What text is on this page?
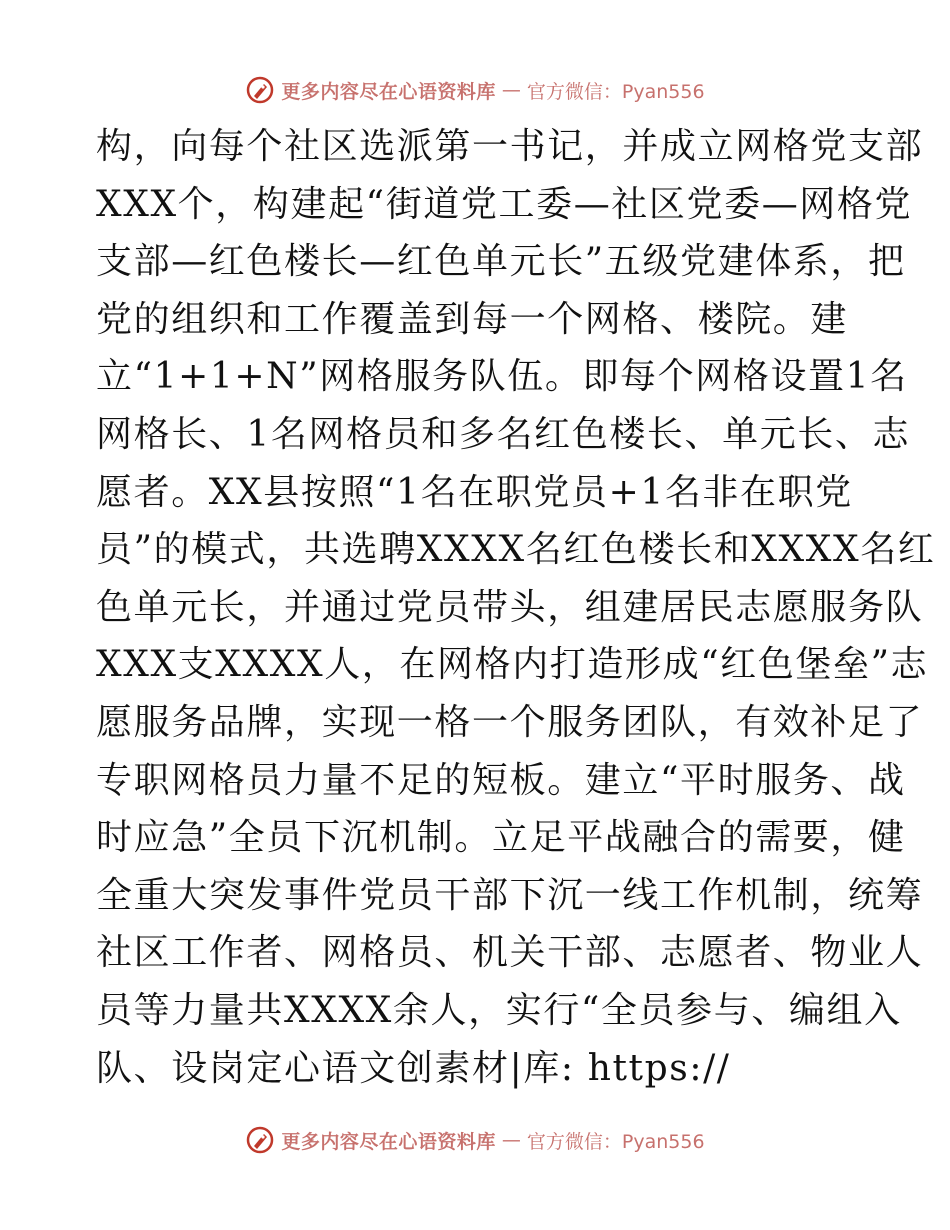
更多内容尽在心语资料库 — 官方微信：Pyan556
构，向每个社区选派第一书记，并成立网格党支部
XXX个，构建起“街道党工委—社区党委—网格党
支部—红色楼长—红色单元长”五级党建体系，把
党的组织和工作覆盖到每一个网格、楼院。建
立“1+1+N”网格服务队伍。即每个网格设置1名
网格长、1名网格员和多名红色楼长、单元长、志
愿者。XX县按照“1名在职党员+1名非在职党
员”的模式，共选聘XXXX名红色楼长和XXXX名红
色单元长，并通过党员带头，组建居民志愿服务队
XXX支XXXX人，在网格内打造形成“红色堡垒”志
愿服务品牌，实现一格一个服务团队，有效补足了
专职网格员力量不足的短板。建立“平时服务、战
时应急”全员下沉机制。立足平战融合的需要，健
全重大突发事件党员干部下沉一线工作机制，统筹
社区工作者、网格员、机关干部、志愿者、物业人
员等力量共XXXX余人，实行“全员参与、编组入
队、设岗定心语文创素材|库: https://
更多内容尽在心语资料库 — 官方微信：Pyan556
